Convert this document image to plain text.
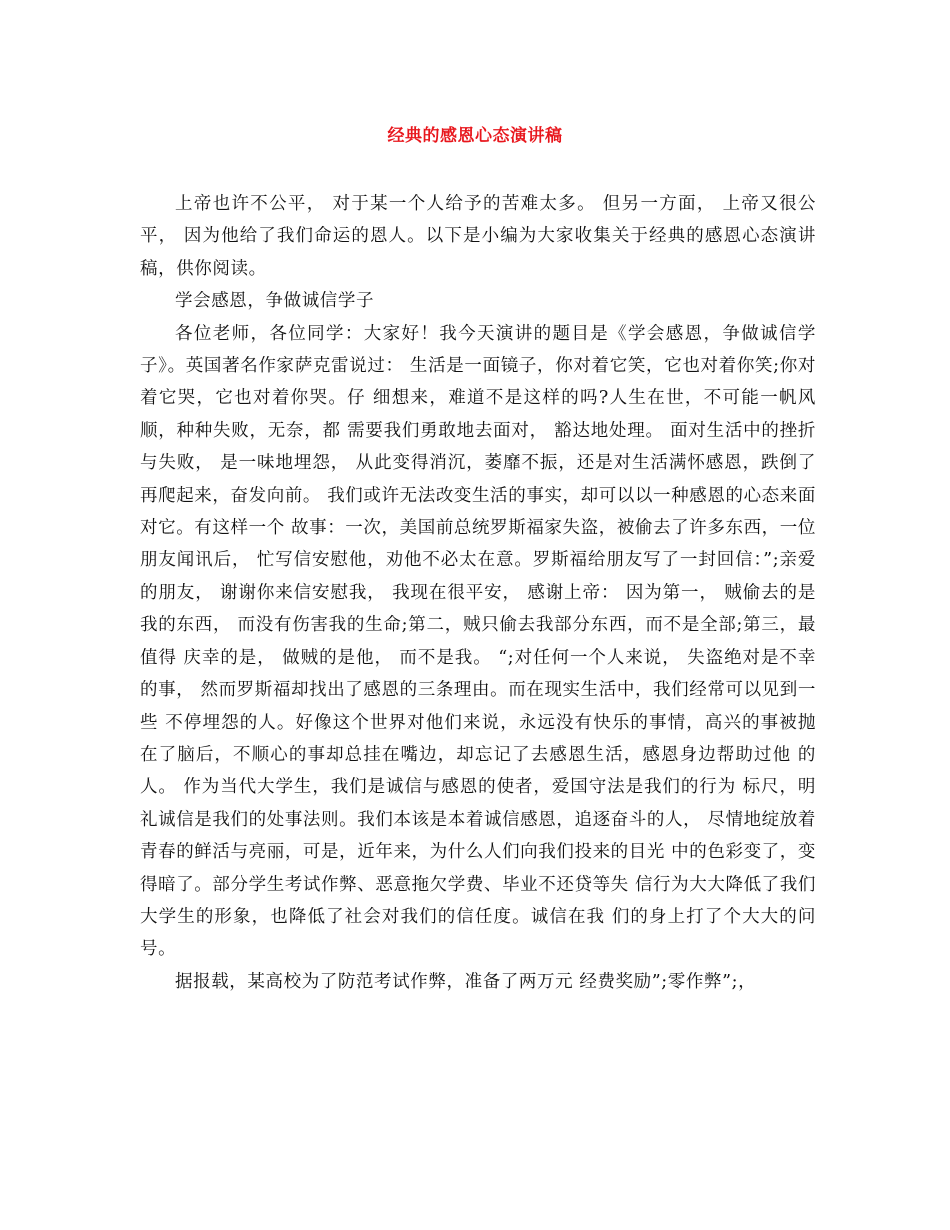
经典的感恩心态演讲稿

上帝也许不公平， 对于某一个人给予的苦难太多。 但另一方面， 上帝又很公平， 因为他给了我们命运的恩人。以下是小编为大家收集关于经典的感恩心态演讲稿，供你阅读。

学会感恩，争做诚信学子

各位老师，各位同学：大家好！我今天演讲的题目是《学会感恩，争做诚信学子》。英国著名作家萨克雷说过： 生活是一面镜子，你对着它笑，它也对着你笑;你对着它哭，它也对着你哭。仔 细想来，难道不是这样的吗?人生在世，不可能一帆风顺，种种失败，无奈，都 需要我们勇敢地去面对， 豁达地处理。 面对生活中的挫折与失败， 是一味地埋怨， 从此变得消沉，萎靡不振，还是对生活满怀感恩，跌倒了再爬起来，奋发向前。 我们或许无法改变生活的事实，却可以以一种感恩的心态来面对它。有这样一个 故事：一次，美国前总统罗斯福家失盗，被偷去了许多东西，一位朋友闻讯后， 忙写信安慰他，劝他不必太在意。罗斯福给朋友写了一封回信：”;亲爱的朋友， 谢谢你来信安慰我， 我现在很平安， 感谢上帝： 因为第一， 贼偷去的是我的东西， 而没有伤害我的生命;第二，贼只偷去我部分东西，而不是全部;第三，最值得 庆幸的是， 做贼的是他， 而不是我。 “;对任何一个人来说， 失盗绝对是不幸的事， 然而罗斯福却找出了感恩的三条理由。而在现实生活中，我们经常可以见到一些 不停埋怨的人。好像这个世界对他们来说，永远没有快乐的事情，高兴的事被抛 在了脑后，不顺心的事却总挂在嘴边，却忘记了去感恩生活，感恩身边帮助过他 的人。 作为当代大学生，我们是诚信与感恩的使者，爱国守法是我们的行为 标尺，明礼诚信是我们的处事法则。我们本该是本着诚信感恩，追逐奋斗的人， 尽情地绽放着青春的鲜活与亮丽，可是，近年来，为什么人们向我们投来的目光 中的色彩变了，变得暗了。部分学生考试作弊、恶意拖欠学费、毕业不还贷等失 信行为大大降低了我们大学生的形象，也降低了社会对我们的信任度。诚信在我 们的身上打了个大大的问号。

据报载，某高校为了防范考试作弊，准备了两万元 经费奖励”;零作弊”;，
